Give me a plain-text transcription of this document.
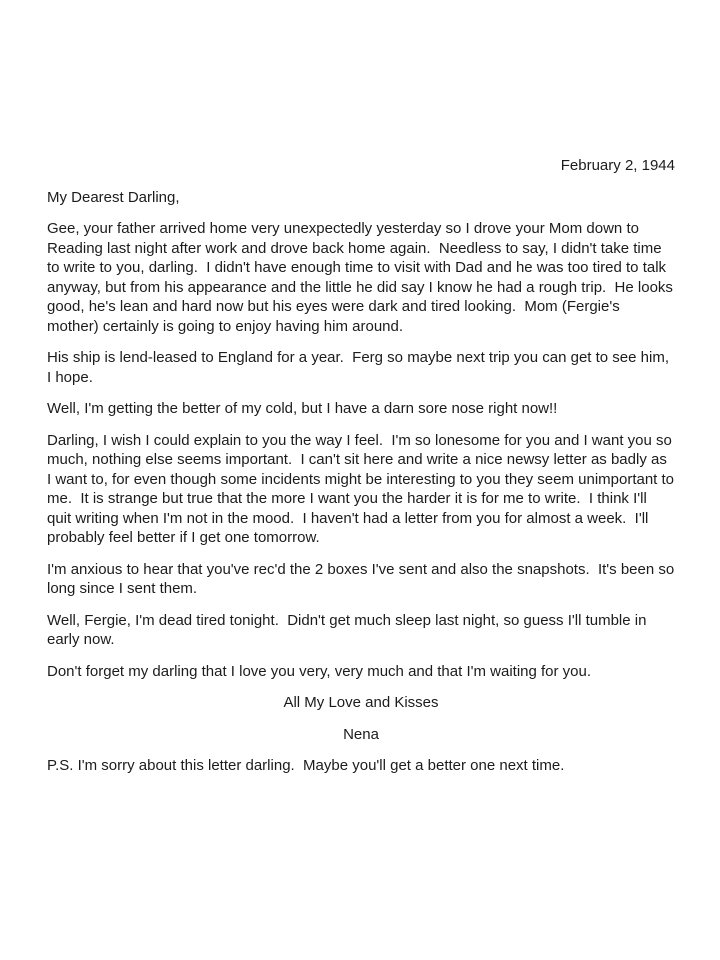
February 2, 1944

My Dearest Darling,

Gee, your father arrived home very unexpectedly yesterday so I drove your Mom down to Reading last night after work and drove back home again.  Needless to say, I didn't take time to write to you, darling.  I didn't have enough time to visit with Dad and he was too tired to talk anyway, but from his appearance and the little he did say I know he had a rough trip.  He looks good, he's lean and hard now but his eyes were dark and tired looking.  Mom (Fergie's mother) certainly is going to enjoy having him around.

His ship is lend-leased to England for a year.  Ferg so maybe next trip you can get to see him, I hope.

Well, I'm getting the better of my cold, but I have a darn sore nose right now!!

Darling, I wish I could explain to you the way I feel.  I'm so lonesome for you and I want you so much, nothing else seems important.  I can't sit here and write a nice newsy letter as badly as I want to, for even though some incidents might be interesting to you they seem unimportant to me.  It is strange but true that the more I want you the harder it is for me to write.  I think I'll quit writing when I'm not in the mood.  I haven't had a letter from you for almost a week.  I'll probably feel better if I get one tomorrow.

I'm anxious to hear that you've rec'd the 2 boxes I've sent and also the snapshots.  It's been so long since I sent them.

Well, Fergie, I'm dead tired tonight.  Didn't get much sleep last night, so guess I'll tumble in early now.

Don't forget my darling that I love you very, very much and that I'm waiting for you.

All My Love and Kisses

Nena

P.S. I'm sorry about this letter darling.  Maybe you'll get a better one next time.
